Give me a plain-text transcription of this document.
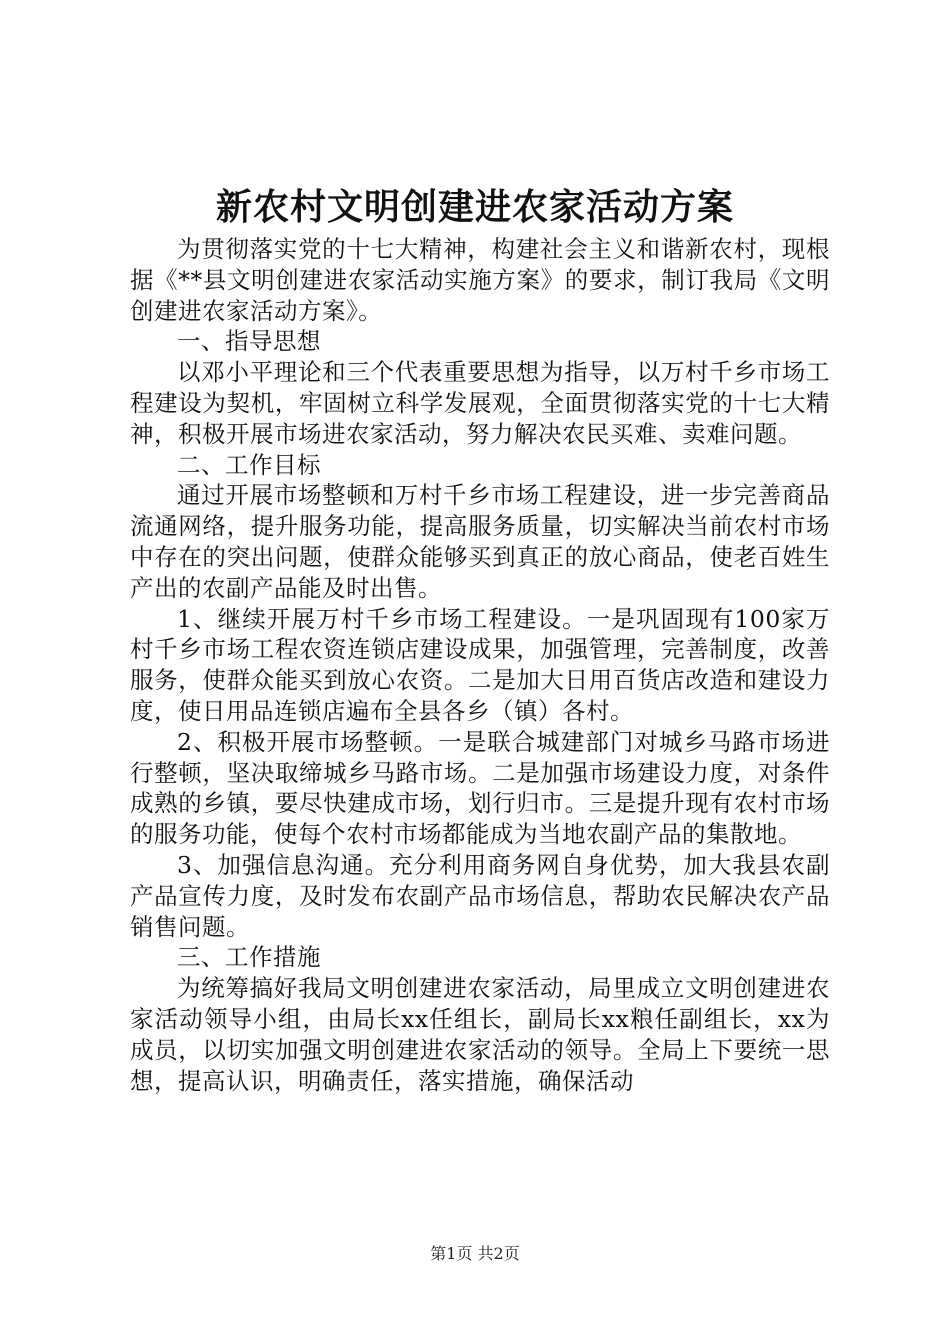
新农村文明创建进农家活动方案

为贯彻落实党的十七大精神，构建社会主义和谐新农村，现根据《**县文明创建进农家活动实施方案》的要求，制订我局《文明创建进农家活动方案》。

一、指导思想

以邓小平理论和三个代表重要思想为指导，以万村千乡市场工程建设为契机，牢固树立科学发展观，全面贯彻落实党的十七大精神，积极开展市场进农家活动，努力解决农民买难、卖难问题。

二、工作目标

通过开展市场整顿和万村千乡市场工程建设，进一步完善商品流通网络，提升服务功能，提高服务质量，切实解决当前农村市场中存在的突出问题，使群众能够买到真正的放心商品，使老百姓生产出的农副产品能及时出售。

1、继续开展万村千乡市场工程建设。一是巩固现有100家万村千乡市场工程农资连锁店建设成果，加强管理，完善制度，改善服务，使群众能买到放心农资。二是加大日用百货店改造和建设力度，使日用品连锁店遍布全县各乡（镇）各村。

2、积极开展市场整顿。一是联合城建部门对城乡马路市场进行整顿，坚决取缔城乡马路市场。二是加强市场建设力度，对条件成熟的乡镇，要尽快建成市场，划行归市。三是提升现有农村市场的服务功能，使每个农村市场都能成为当地农副产品的集散地。

3、加强信息沟通。充分利用商务网自身优势，加大我县农副产品宣传力度，及时发布农副产品市场信息，帮助农民解决农产品销售问题。

三、工作措施

为统筹搞好我局文明创建进农家活动，局里成立文明创建进农家活动领导小组，由局长xx任组长，副局长xx粮任副组长，xx为成员，以切实加强文明创建进农家活动的领导。全局上下要统一思想，提高认识，明确责任，落实措施，确保活动

第1页 共2页
